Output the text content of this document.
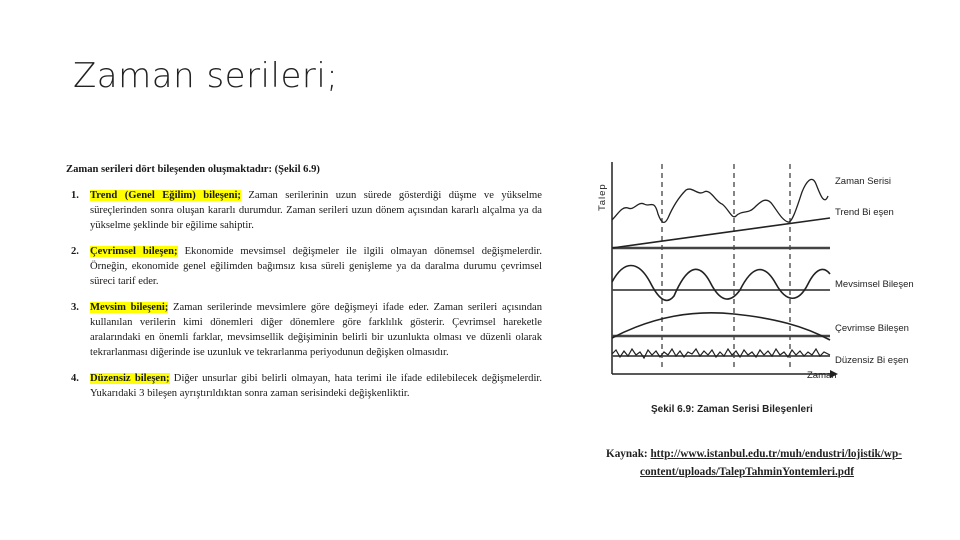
Zaman serileri;
Zaman serileri dört bileşenden oluşmaktadır: (Şekil 6.9)
1. Trend (Genel Eğilim) bileşeni; Zaman serilerinin uzun sürede gösterdiği düşme ve yükselme süreçlerinden sonra oluşan kararlı durumdur. Zaman serileri uzun dönem açısından kararlı alçalma ya da yükselme şeklinde bir eğilime sahiptir.
2. Çevrimsel bileşen; Ekonomide mevsimsel değişmeler ile ilgili olmayan dönemsel değişmelerdir. Örneğin, ekonomide genel eğilimden bağımsız kısa süreli genişleme ya da daralma durumu çevrimsel süreci tarif eder.
3. Mevsim bileşeni; Zaman serilerinde mevsimlere göre değişmeyi ifade eder. Zaman serileri açısından kullanılan verilerin kimi dönemleri diğer dönemlere göre farklılık gösterir. Çevrimsel hareketle aralarındaki en önemli farklar, mevsimsellik değişiminin belirli bir uzunlukta olması ve düzenli olarak tekrarlanması diğerinde ise uzunluk ve tekrarlanma periyodunun değişken olmasıdır.
4. Düzensiz bileşen; Diğer unsurlar gibi belirli olmayan, hata terimi ile ifade edilebilecek değişmelerdir. Yukarıdaki 3 bileşen ayrıştırıldıktan sonra zaman serisindeki değişkenliktir.
Talep
Zaman Serisi
Trend Bi eşen
Mevsimsel Bileşen
Çevrimse Bileşen
Düzensiz Bi eşen
Zaman
Şekil 6.9: Zaman Serisi Bileşenleri
Kaynak: http://www.istanbul.edu.tr/muh/endustri/lojistik/wp-
content/uploads/TalepTahminYontemleri.pdf
